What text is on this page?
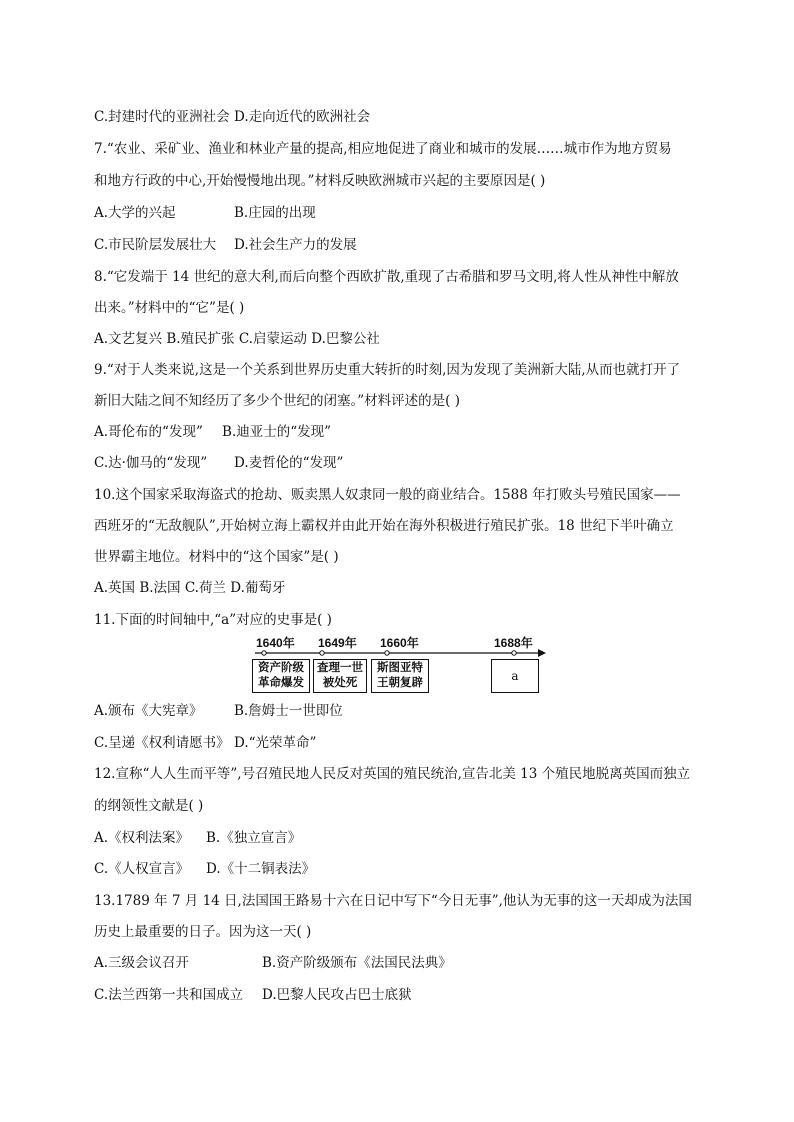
C.封建时代的亚洲社会 D.走向近代的欧洲社会
7.“农业、采矿业、渔业和林业产量的提高,相应地促进了商业和城市的发展……城市作为地方贸易
和地方行政的中心,开始慢慢地出现。”材料反映欧洲城市兴起的主要原因是( )
A.大学的兴起	B.庄园的出现
C.市民阶层发展壮大 D.社会生产力的发展
8.“它发端于 14 世纪的意大利,而后向整个西欧扩散,重现了古希腊和罗马文明,将人性从神性中解放
出来。”材料中的“它”是( )
A.文艺复兴 B.殖民扩张 C.启蒙运动 D.巴黎公社
9.“对于人类来说,这是一个关系到世界历史重大转折的时刻,因为发现了美洲新大陆,从而也就打开了
新旧大陆之间不知经历了多少个世纪的闭塞。”材料评述的是( )
A.哥伦布的“发现” B.迪亚士的“发现”
C.达·伽马的“发现” D.麦哲伦的“发现”
10.这个国家采取海盗式的抢劫、贩卖黑人奴隶同一般的商业结合。1588 年打败头号殖民国家——
西班牙的“无敌舰队”,开始树立海上霸权并由此开始在海外积极进行殖民扩张。18 世纪下半叶确立
世界霸主地位。材料中的“这个国家”是( )
A.英国 B.法国 C.荷兰 D.葡萄牙
11.下面的时间轴中,“a”对应的史事是( )
1640年 1649年 1660年	1688年
资产阶级
革命爆发
查理一世
被处死
斯图亚特
王朝复辟	a
A.颁布《大宪章》 B.詹姆士一世即位
C.呈递《权利请愿书》 D.“光荣革命”
12.宣称“人人生而平等”,号召殖民地人民反对英国的殖民统治,宣告北美 13 个殖民地脱离英国而独立
的纲领性文献是( )
A.《权利法案》 B.《独立宣言》
C.《人权宣言》 D.《十二铜表法》
13.1789 年 7 月 14 日,法国国王路易十六在日记中写下“今日无事”,他认为无事的这一天却成为法国
历史上最重要的日子。因为这一天( )
A.三级会议召开	B.资产阶级颁布《法国民法典》
C.法兰西第一共和国成立 D.巴黎人民攻占巴士底狱
